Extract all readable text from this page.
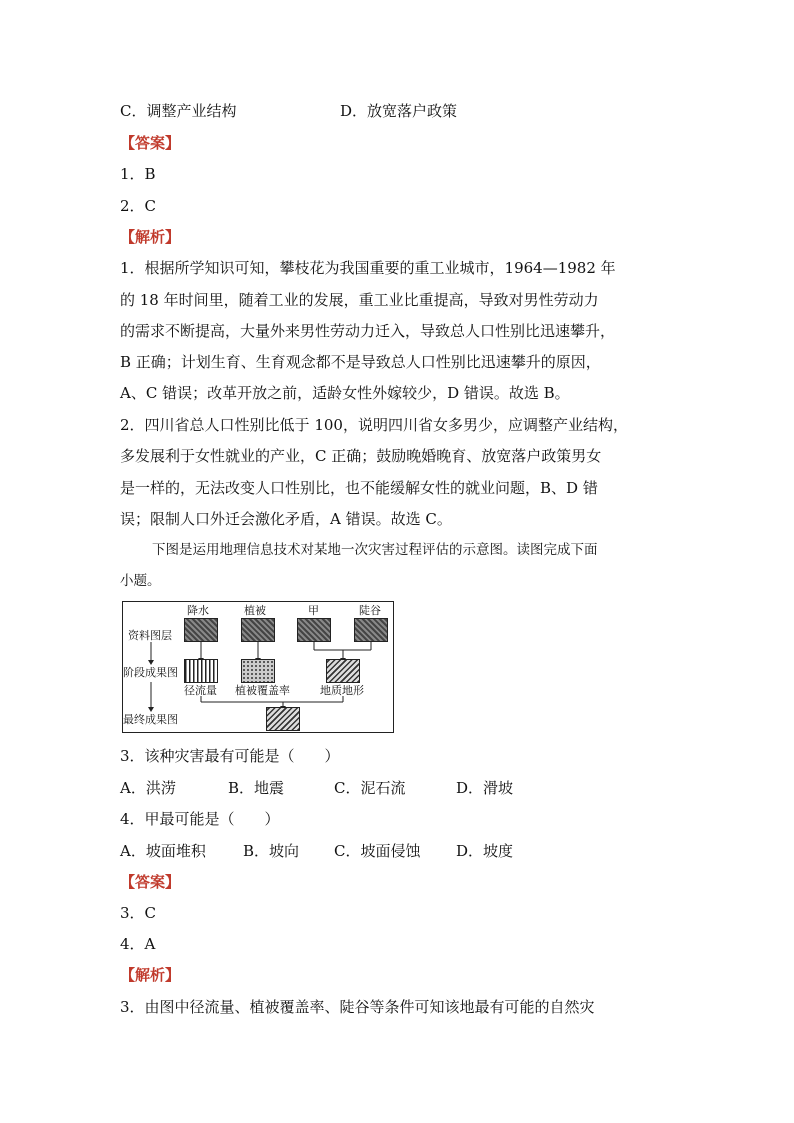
C．调整产业结构	D．放宽落户政策
【答案】
1．B
2．C
【解析】
1．根据所学知识可知，攀枝花为我国重要的重工业城市，1964—1982 年
的 18 年时间里，随着工业的发展，重工业比重提高，导致对男性劳动力
的需求不断提高，大量外来男性劳动力迁入，导致总人口性别比迅速攀升，
B 正确；计划生育、生育观念都不是导致总人口性别比迅速攀升的原因，
A、C 错误；改革开放之前，适龄女性外嫁较少，D 错误。故选 B。
2．四川省总人口性别比低于 100，说明四川省女多男少，应调整产业结构，
多发展利于女性就业的产业，C 正确；鼓励晚婚晚育、放宽落户政策男女
是一样的，无法改变人口性别比，也不能缓解女性的就业问题，B、D 错
误；限制人口外迁会激化矛盾，A 错误。故选 C。
下图是运用地理信息技术对某地一次灾害过程评估的示意图。读图完成下面
小题。
资料图层
阶段成果图
最终成果图
降水	植被	甲	陡谷
径流量 植被覆盖率	地质地形
3．该种灾害最有可能是（　　）
A．洪涝	B．地震	C．泥石流	D．滑坡
4．甲最可能是（　　）
A．坡面堆积 B．坡向 C．坡面侵蚀 D．坡度
【答案】
3．C
4．A
【解析】
3．由图中径流量、植被覆盖率、陡谷等条件可知该地最有可能的自然灾
